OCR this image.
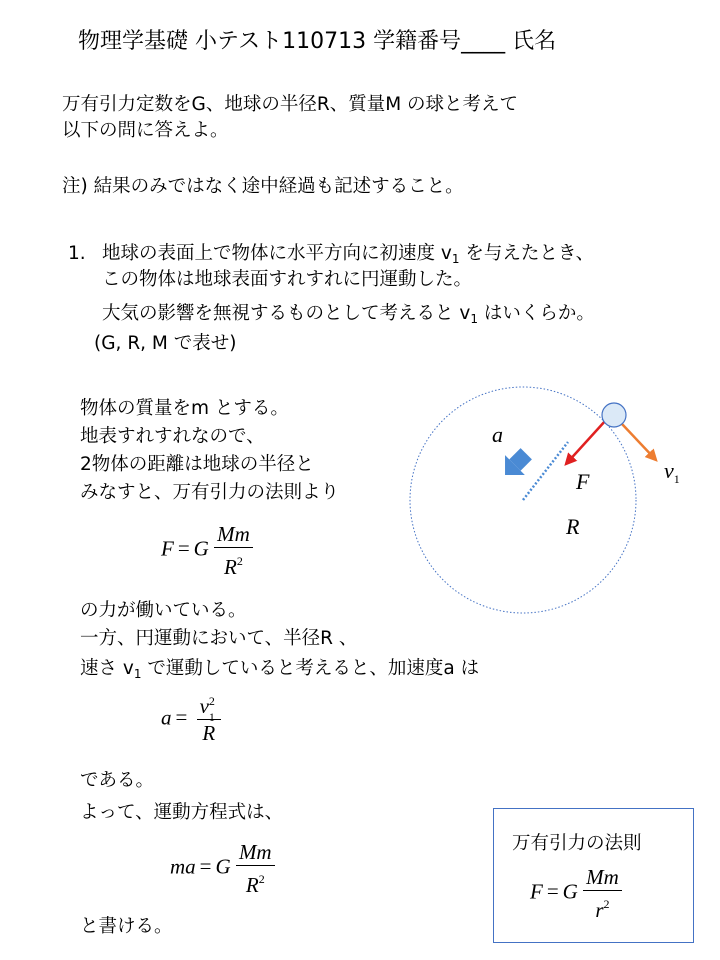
物理学基礎 小テスト110713 学籍番号____ 氏名
万有引力定数をG、地球の半径R、質量M の球と考えて
以下の問に答えよ。
注) 結果のみではなく途中経過も記述すること。
1. 地球の表面上で物体に水平方向に初速度 $v_1$ を与えたとき、
この物体は地球表面すれすれに円運動した。
大気の影響を無視するものとして考えると $v_1$ はいくらか。
(G, R, M で表せ)
物体の質量をm とする。
地表すれすれなので、
2物体の距離は地球の半径と
みなすと、万有引力の法則より
F = G $\frac{Mm}{R^2}$
の力が働いている。
一方、円運動において、半径R 、
速さ $v_1$ で運動していると考えると、加速度a は
a = v 2
1
R
である。
よって、運動方程式は、
ma = G $\frac{Mm}{R^2}$
と書ける。
万有引力の法則
F = G $\frac{Mm}{r^2}$
a
F
R
$v_1$
